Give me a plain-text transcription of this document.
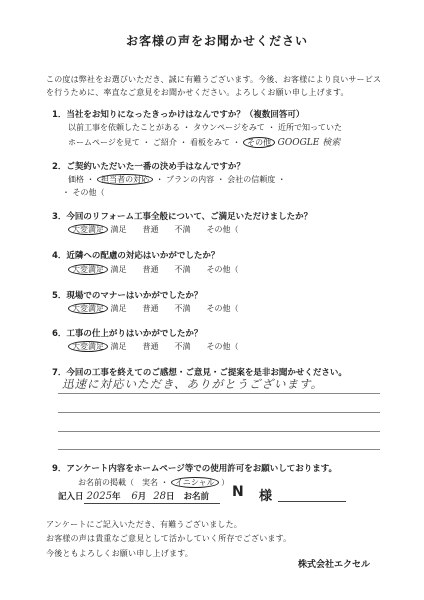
お客様の声をお聞かせください
この度は弊社をお選びいただき、誠に有難うございます。今後、お客様により良いサービス
を行うために、率直なご意見をお聞かせください。よろしくお願い申し上げます。
1．当社をお知りになったきっかけはなんですか？（複数回答可）
以前工事を依頼したことがある ・ タウンページをみて ・ 近所で知っていた
ホームページを見て ・ ご紹介 ・ 看板をみて ・ その他 GOOGLE 検索
2．ご契約いただいた一番の決め手はなんですか？
価格 ・ 担当者の対応 ・ プランの内容 ・ 会社の信頼度 ・
・ その他（
3．今回のリフォーム工事全般について、ご満足いただけましたか？
大変満足 満足　　普通　　不満　　その他（
4．近隣への配慮の対応はいかがでしたか？
大変満足 満足　　普通　　不満　　その他（
5．現場でのマナーはいかがでしたか？
大変満足 満足　　普通　　不満　　その他（
6．工事の仕上がりはいかがでしたか？
大変満足 満足　　普通　　不満　　その他（
7．今回の工事を終えてのご感想・ご意見・ご提案を是非お聞かせください。
迅速に対応いただき、ありがとうございます。
9．アンケート内容をホームページ等での使用許可をお願いしております。
お名前の掲載（　実名 ・ イニシャル ）
記入日 2025年 6月 28日 お名前 N 様
アンケートにご記入いただき、有難うございました。
お客様の声は貴重なご意見として活かしていく所存でございます。
今後ともよろしくお願い申し上げます。
株式会社エクセル
